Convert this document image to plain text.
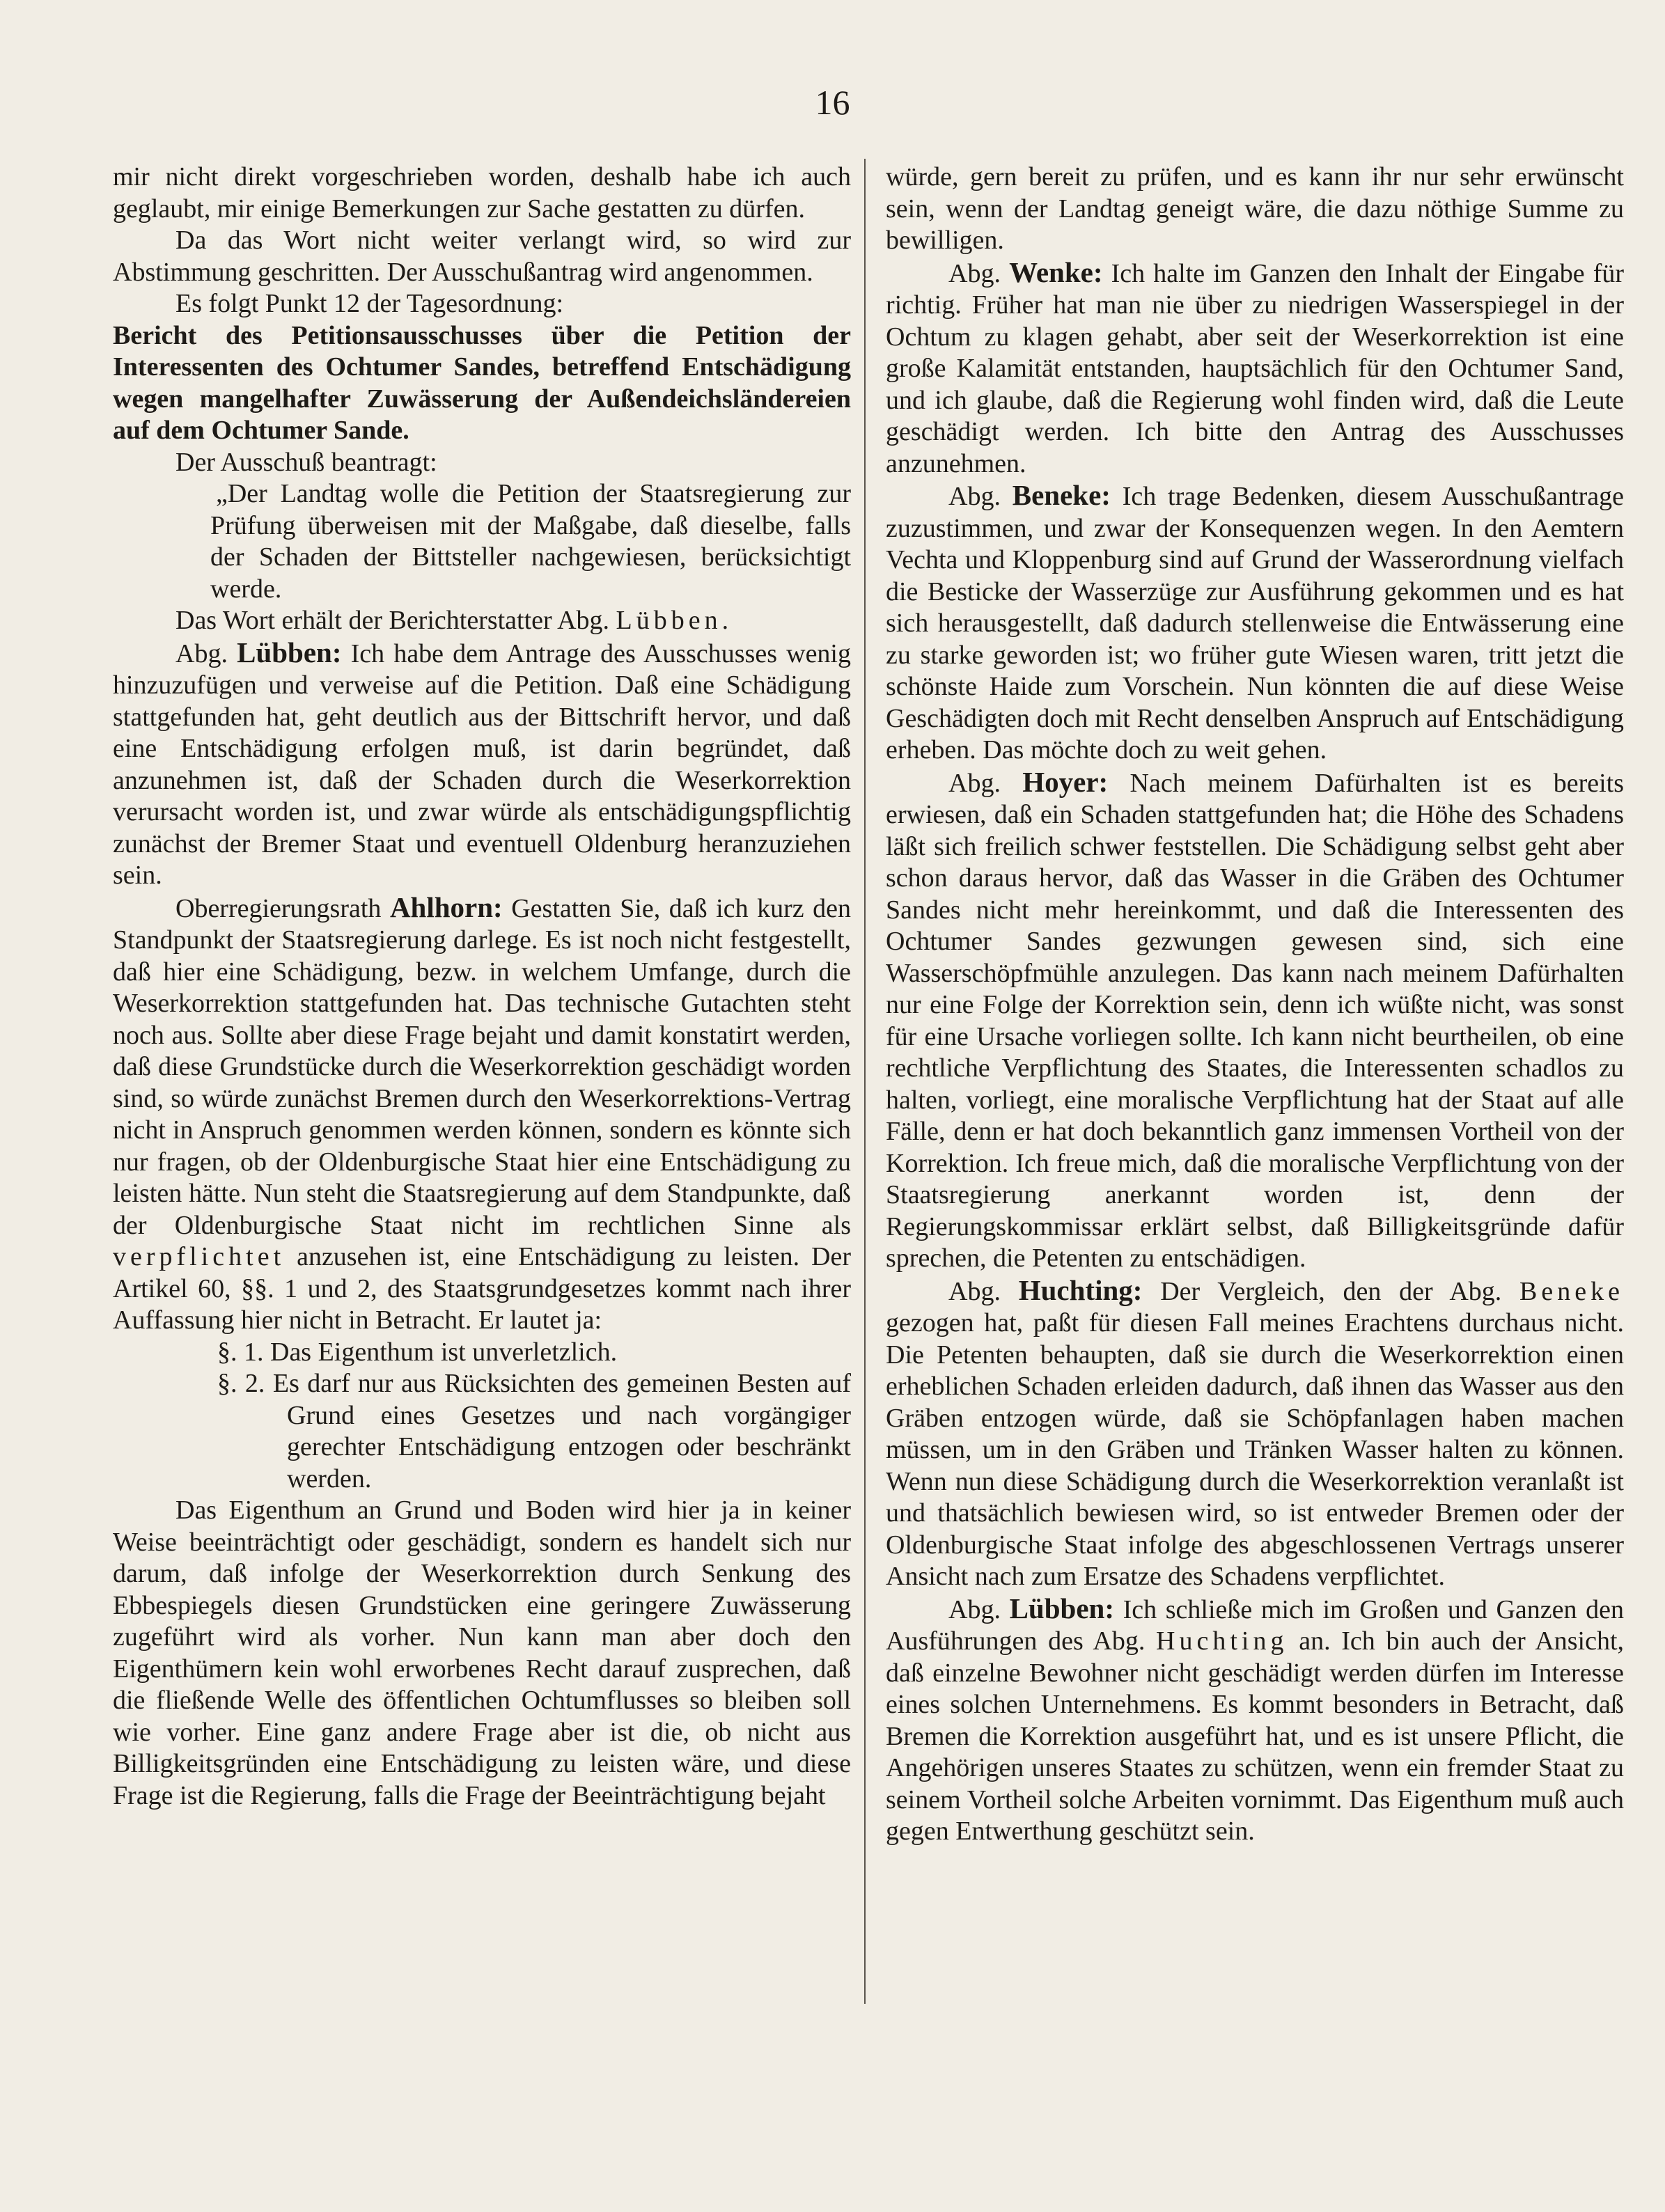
16

mir nicht direkt vorgeschrieben worden, deshalb habe ich auch geglaubt, mir einige Bemerkungen zur Sache gestatten zu dürfen.

Da das Wort nicht weiter verlangt wird, so wird zur Abstimmung geschritten. Der Ausschußantrag wird angenommen.

Es folgt Punkt 12 der Tagesordnung:

Bericht des Petitionsausschusses über die Petition der Interessenten des Ochtumer Sandes, betreffend Entschädigung wegen mangelhafter Zuwässerung der Außendeichsländereien auf dem Ochtumer Sande.

Der Ausschuß beantragt:

„Der Landtag wolle die Petition der Staatsregierung zur Prüfung überweisen mit der Maßgabe, daß dieselbe, falls der Schaden der Bittsteller nachgewiesen, berücksichtigt werde.

Das Wort erhält der Berichterstatter Abg. Lübben.

Abg. Lübben: Ich habe dem Antrage des Ausschusses wenig hinzuzufügen und verweise auf die Petition. Daß eine Schädigung stattgefunden hat, geht deutlich aus der Bittschrift hervor, und daß eine Entschädigung erfolgen muß, ist darin begründet, daß anzunehmen ist, daß der Schaden durch die Weserkorrektion verursacht worden ist, und zwar würde als entschädigungspflichtig zunächst der Bremer Staat und eventuell Oldenburg heranzuziehen sein.

Oberregierungsrath Ahlhorn: Gestatten Sie, daß ich kurz den Standpunkt der Staatsregierung darlege. Es ist noch nicht festgestellt, daß hier eine Schädigung, bezw. in welchem Umfange, durch die Weserkorrektion stattgefunden hat. Das technische Gutachten steht noch aus. Sollte aber diese Frage bejaht und damit konstatirt werden, daß diese Grundstücke durch die Weserkorrektion geschädigt worden sind, so würde zunächst Bremen durch den Weserkorrektions-Vertrag nicht in Anspruch genommen werden können, sondern es könnte sich nur fragen, ob der Oldenburgische Staat hier eine Entschädigung zu leisten hätte. Nun steht die Staatsregierung auf dem Standpunkte, daß der Oldenburgische Staat nicht im rechtlichen Sinne als verpflichtet anzusehen ist, eine Entschädigung zu leisten. Der Artikel 60, §§. 1 und 2, des Staatsgrundgesetzes kommt nach ihrer Auffassung hier nicht in Betracht. Er lautet ja:

§. 1. Das Eigenthum ist unverletzlich.

§. 2. Es darf nur aus Rücksichten des gemeinen Besten auf Grund eines Gesetzes und nach vorgängiger gerechter Entschädigung entzogen oder beschränkt werden.

Das Eigenthum an Grund und Boden wird hier ja in keiner Weise beeinträchtigt oder geschädigt, sondern es handelt sich nur darum, daß infolge der Weserkorrektion durch Senkung des Ebbespiegels diesen Grundstücken eine geringere Zuwässerung zugeführt wird als vorher. Nun kann man aber doch den Eigenthümern kein wohl erworbenes Recht darauf zusprechen, daß die fließende Welle des öffentlichen Ochtumflusses so bleiben soll wie vorher. Eine ganz andere Frage aber ist die, ob nicht aus Billigkeitsgründen eine Entschädigung zu leisten wäre, und diese Frage ist die Regierung, falls die Frage der Beeinträchtigung bejaht

würde, gern bereit zu prüfen, und es kann ihr nur sehr erwünscht sein, wenn der Landtag geneigt wäre, die dazu nöthige Summe zu bewilligen.

Abg. Wenke: Ich halte im Ganzen den Inhalt der Eingabe für richtig. Früher hat man nie über zu niedrigen Wasserspiegel in der Ochtum zu klagen gehabt, aber seit der Weserkorrektion ist eine große Kalamität entstanden, hauptsächlich für den Ochtumer Sand, und ich glaube, daß die Regierung wohl finden wird, daß die Leute geschädigt werden. Ich bitte den Antrag des Ausschusses anzunehmen.

Abg. Beneke: Ich trage Bedenken, diesem Ausschußantrage zuzustimmen, und zwar der Konsequenzen wegen. In den Aemtern Vechta und Kloppenburg sind auf Grund der Wasserordnung vielfach die Besticke der Wasserzüge zur Ausführung gekommen und es hat sich herausgestellt, daß dadurch stellenweise die Entwässerung eine zu starke geworden ist; wo früher gute Wiesen waren, tritt jetzt die schönste Haide zum Vorschein. Nun könnten die auf diese Weise Geschädigten doch mit Recht denselben Anspruch auf Entschädigung erheben. Das möchte doch zu weit gehen.

Abg. Hoyer: Nach meinem Dafürhalten ist es bereits erwiesen, daß ein Schaden stattgefunden hat; die Höhe des Schadens läßt sich freilich schwer feststellen. Die Schädigung selbst geht aber schon daraus hervor, daß das Wasser in die Gräben des Ochtumer Sandes nicht mehr hereinkommt, und daß die Interessenten des Ochtumer Sandes gezwungen gewesen sind, sich eine Wasserschöpfmühle anzulegen. Das kann nach meinem Dafürhalten nur eine Folge der Korrektion sein, denn ich wüßte nicht, was sonst für eine Ursache vorliegen sollte. Ich kann nicht beurtheilen, ob eine rechtliche Verpflichtung des Staates, die Interessenten schadlos zu halten, vorliegt, eine moralische Verpflichtung hat der Staat auf alle Fälle, denn er hat doch bekanntlich ganz immensen Vortheil von der Korrektion. Ich freue mich, daß die moralische Verpflichtung von der Staatsregierung anerkannt worden ist, denn der Regierungskommissar erklärt selbst, daß Billigkeitsgründe dafür sprechen, die Petenten zu entschädigen.

Abg. Huchting: Der Vergleich, den der Abg. Beneke gezogen hat, paßt für diesen Fall meines Erachtens durchaus nicht. Die Petenten behaupten, daß sie durch die Weserkorrektion einen erheblichen Schaden erleiden dadurch, daß ihnen das Wasser aus den Gräben entzogen würde, daß sie Schöpfanlagen haben machen müssen, um in den Gräben und Tränken Wasser halten zu können. Wenn nun diese Schädigung durch die Weserkorrektion veranlaßt ist und thatsächlich bewiesen wird, so ist entweder Bremen oder der Oldenburgische Staat infolge des abgeschlossenen Vertrags unserer Ansicht nach zum Ersatze des Schadens verpflichtet.

Abg. Lübben: Ich schließe mich im Großen und Ganzen den Ausführungen des Abg. Huchting an. Ich bin auch der Ansicht, daß einzelne Bewohner nicht geschädigt werden dürfen im Interesse eines solchen Unternehmens. Es kommt besonders in Betracht, daß Bremen die Korrektion ausgeführt hat, und es ist unsere Pflicht, die Angehörigen unseres Staates zu schützen, wenn ein fremder Staat zu seinem Vortheil solche Arbeiten vornimmt. Das Eigenthum muß auch gegen Entwerthung geschützt sein.
